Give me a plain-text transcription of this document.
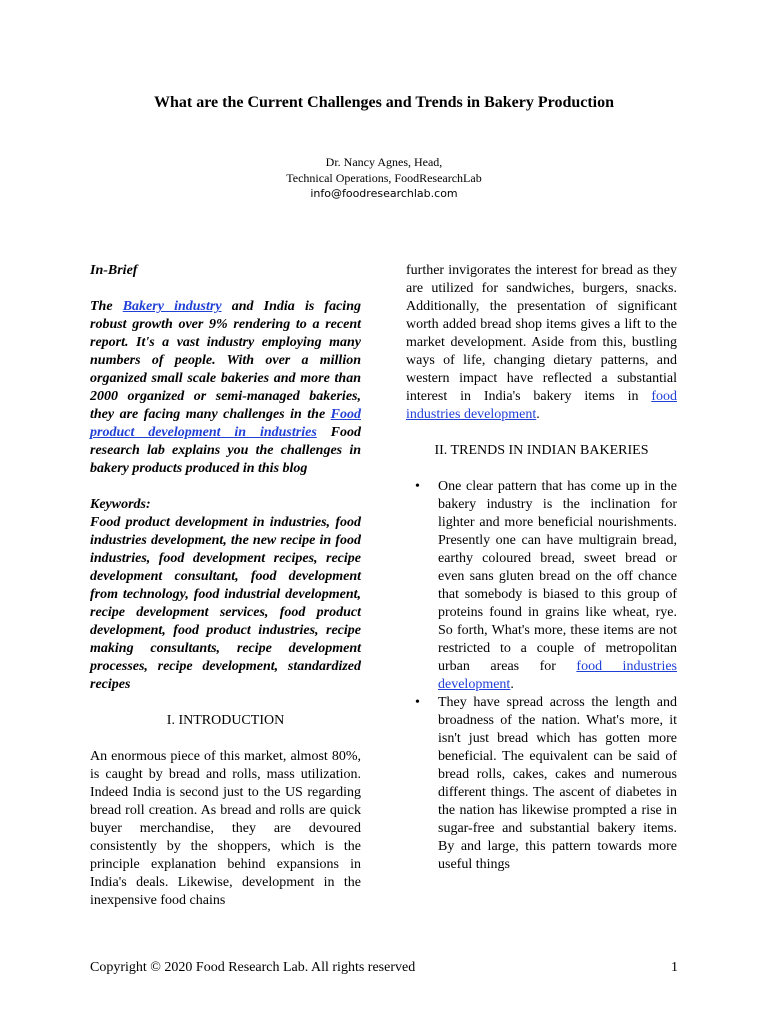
What are the Current Challenges and Trends in Bakery Production
Dr. Nancy Agnes, Head,
Technical Operations, FoodResearchLab
info@foodresearchlab.com

In-Brief

The Bakery industry and India is facing robust growth over 9% rendering to a recent report. It's a vast industry employing many numbers of people. With over a million organized small scale bakeries and more than 2000 organized or semi-managed bakeries, they are facing many challenges in the Food product development in industries Food research lab explains you the challenges in bakery products produced in this blog

Keywords:

Food product development in industries, food industries development, the new recipe in food industries, food development recipes, recipe development consultant, food development from technology, food industrial development, recipe development services, food product development, food product industries, recipe making consultants, recipe development processes, recipe development, standardized recipes

I. INTRODUCTION

An enormous piece of this market, almost 80%, is caught by bread and rolls, mass utilization. Indeed India is second just to the US regarding bread roll creation. As bread and rolls are quick buyer merchandise, they are devoured consistently by the shoppers, which is the principle explanation behind expansions in India's deals. Likewise, development in the inexpensive food chains

further invigorates the interest for bread as they are utilized for sandwiches, burgers, snacks. Additionally, the presentation of significant worth added bread shop items gives a lift to the market development. Aside from this, bustling ways of life, changing dietary patterns, and western impact have reflected a substantial interest in India's bakery items in food industries development.

II. TRENDS IN INDIAN BAKERIES

• One clear pattern that has come up in the bakery industry is the inclination for lighter and more beneficial nourishments. Presently one can have multigrain bread, earthy coloured bread, sweet bread or even sans gluten bread on the off chance that somebody is biased to this group of proteins found in grains like wheat, rye. So forth, What's more, these items are not restricted to a couple of metropolitan urban areas for food industries development.
• They have spread across the length and broadness of the nation. What's more, it isn't just bread which has gotten more beneficial. The equivalent can be said of bread rolls, cakes, cakes and numerous different things. The ascent of diabetes in the nation has likewise prompted a rise in sugar-free and substantial bakery items. By and large, this pattern towards more useful things
Copyright © 2020 Food Research Lab. All rights reserved	1
